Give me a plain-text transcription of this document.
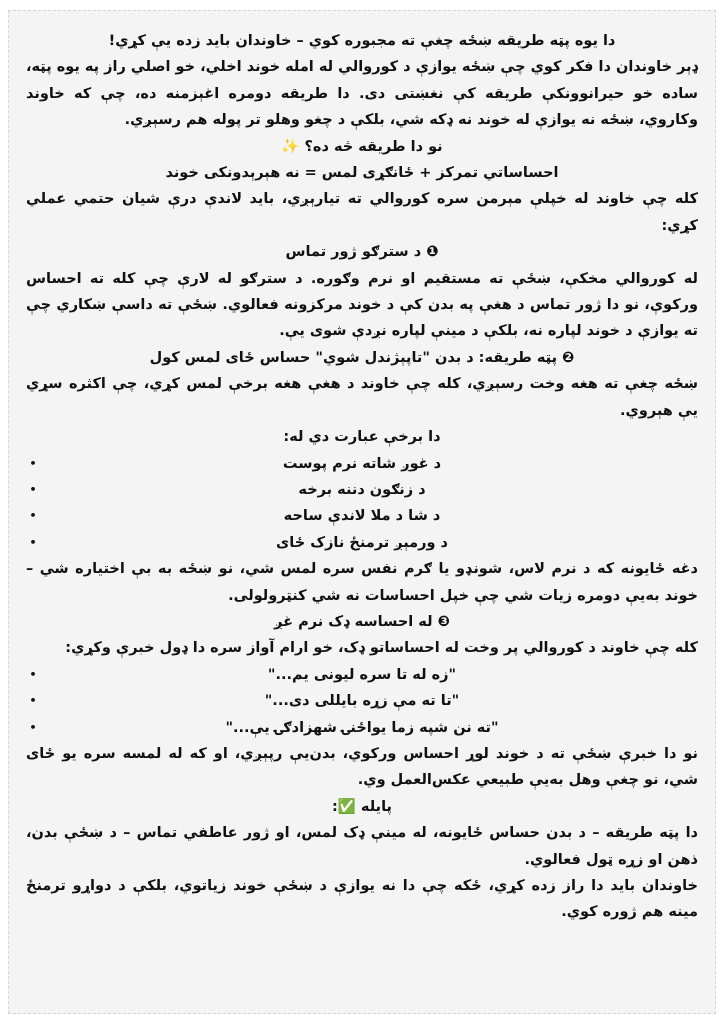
دا یوه پټه طریقه ښځه چغې ته مجبوره کوي – خاوندان باید زده یې کړي!

ډېر خاوندان دا فکر کوي چې ښځه یوازې د کوروالي له امله خوند اخلي، خو اصلي راز په یوه پټه، ساده خو حیرانوونکې طریقه کې نغښتی دی. دا طریقه دومره اغېزمنه ده، چې که خاوند وکاروي، ښځه نه یوازې له خوند نه ډکه شي، بلکې د چغو وهلو تر پوله هم رسېږي.

نو دا طریقه څه ده؟ ✨

احساساتي تمرکز + ځانګړی لمس = نه هېرېدونکی خوند

کله چې خاوند له خپلې مېرمن سره کوروالي ته تیارېږي، باید لاندې درې شیان حتمي عملي کړي:

❶ د سترګو ژور تماس

له کوروالي مخکې، ښځې ته مستقیم او نرم وګوره. د سترګو له لارې چې کله ته احساس ورکوې، نو دا ژور تماس د هغې په بدن کې د خوند مرکزونه فعالوي. ښځې ته داسې ښکاري چې ته یوازې د خوند لپاره نه، بلکې د مینې لپاره نږدې شوی یې.

❷ پټه طریقه: د بدن "تاپېژندل شوي" حساس ځای لمس کول

ښځه چغې ته هغه وخت رسېږي، کله چې خاوند د هغې هغه برخې لمس کړي، چې اکثره سړي یې هېروي.

دا برخې عبارت دي له:

•	د غوږ شاته نرم پوست
•	د زنګون دننه برخه
•	د شا د ملا لاندې ساحه
•	د ورمېږ ترمنځ نازک ځای

دغه ځایونه که د نرم لاس، شونډو یا ګرم نفس سره لمس شي، نو ښځه به بې اختیاره شي – خوند به‌یې دومره زیات شي چې خپل احساسات نه شي کنټرولولی.

❸ له احساسه ډک نرم غږ

کله چې خاوند د کوروالي پر وخت له احساساتو ډک، خو ارام آواز سره دا ډول خبرې وکړي:

•	"زه له تا سره لیونی یم..."
•	"تا ته مې زړه بایللی دی..."
•	"ته نن شپه زما یواځنۍ شهزادګۍ یې..."

نو دا خبرې ښځې ته د خوند لوړ احساس ورکوي، بدن‌یې رپېږي، او که له لمسه سره یو ځای شي، نو چغې وهل به‌یې طبیعي عکس‌العمل وي.

پایله ✅:

دا پټه طریقه – د بدن حساس ځایونه، له مینې ډک لمس، او ژور عاطفي تماس – د ښځې بدن، ذهن او زړه ټول فعالوي.

خاوندان باید دا راز زده کړي، ځکه چې دا نه یوازې د ښځې خوند زیاتوي، بلکې د دواړو ترمنځ مینه هم ژوره کوي.
